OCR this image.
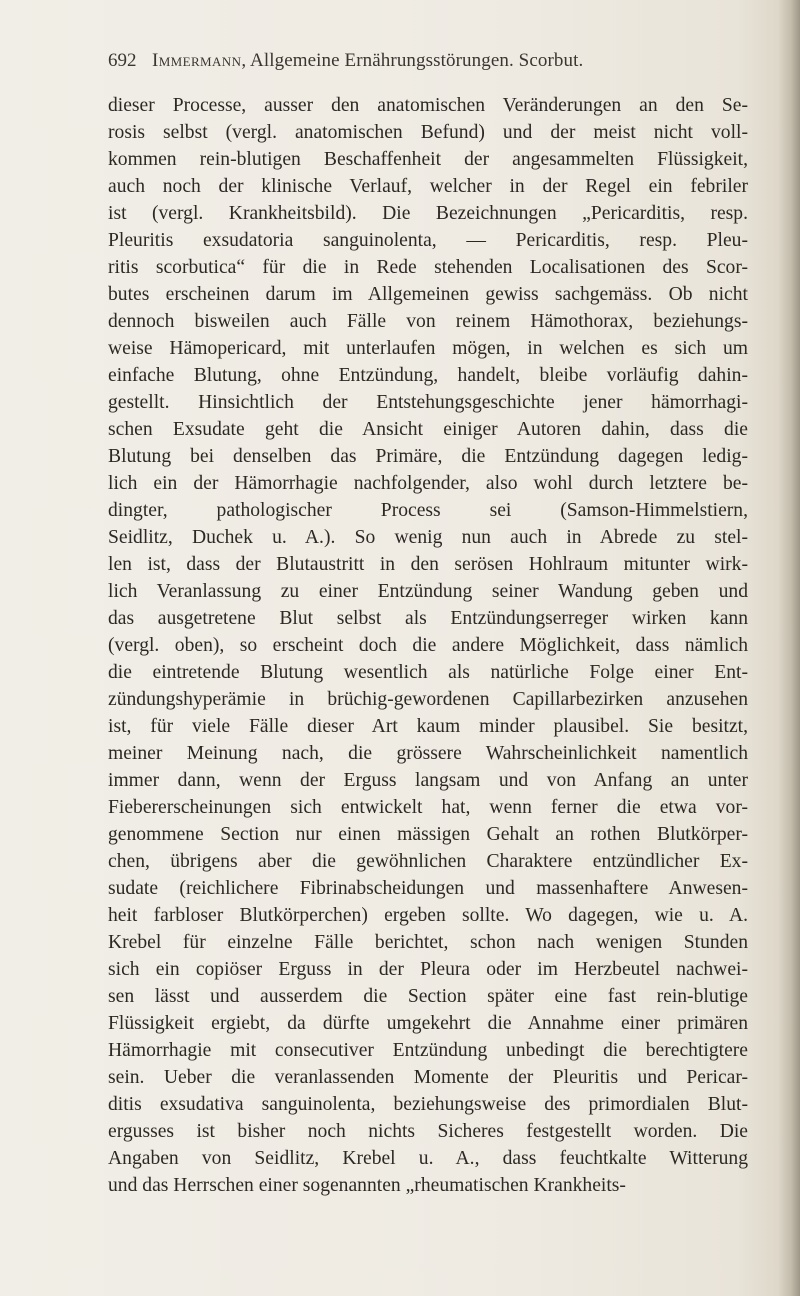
692 Immermann, Allgemeine Ernährungsstörungen. Scorbut.
dieser Processe, ausser den anatomischen Veränderungen an den Se-
rosis selbst (vergl. anatomischen Befund) und der meist nicht voll-
kommen rein-blutigen Beschaffenheit der angesammelten Flüssigkeit,
auch noch der klinische Verlauf, welcher in der Regel ein febriler
ist (vergl. Krankheitsbild). Die Bezeichnungen „Pericarditis, resp.
Pleuritis exsudatoria sanguinolenta, — Pericarditis, resp. Pleu-
ritis scorbutica“ für die in Rede stehenden Localisationen des Scor-
butes erscheinen darum im Allgemeinen gewiss sachgemäss. Ob nicht
dennoch bisweilen auch Fälle von reinem Hämothorax, beziehungs-
weise Hämopericard, mit unterlaufen mögen, in welchen es sich um
einfache Blutung, ohne Entzündung, handelt, bleibe vorläufig dahin-
gestellt. Hinsichtlich der Entstehungsgeschichte jener hämorrhagi-
schen Exsudate geht die Ansicht einiger Autoren dahin, dass die
Blutung bei denselben das Primäre, die Entzündung dagegen ledig-
lich ein der Hämorrhagie nachfolgender, also wohl durch letztere be-
dingter, pathologischer Process sei (Samson-Himmelstiern,
Seidlitz, Duchek u. A.). So wenig nun auch in Abrede zu stel-
len ist, dass der Blutaustritt in den serösen Hohlraum mitunter wirk-
lich Veranlassung zu einer Entzündung seiner Wandung geben und
das ausgetretene Blut selbst als Entzündungserreger wirken kann
(vergl. oben), so erscheint doch die andere Möglichkeit, dass nämlich
die eintretende Blutung wesentlich als natürliche Folge einer Ent-
zündungshyperämie in brüchig-gewordenen Capillarbezirken anzusehen
ist, für viele Fälle dieser Art kaum minder plausibel. Sie besitzt,
meiner Meinung nach, die grössere Wahrscheinlichkeit namentlich
immer dann, wenn der Erguss langsam und von Anfang an unter
Fiebererscheinungen sich entwickelt hat, wenn ferner die etwa vor-
genommene Section nur einen mässigen Gehalt an rothen Blutkörper-
chen, übrigens aber die gewöhnlichen Charaktere entzündlicher Ex-
sudate (reichlichere Fibrinabscheidungen und massenhaftere Anwesen-
heit farbloser Blutkörperchen) ergeben sollte. Wo dagegen, wie u. A.
Krebel für einzelne Fälle berichtet, schon nach wenigen Stunden
sich ein copiöser Erguss in der Pleura oder im Herzbeutel nachwei-
sen lässt und ausserdem die Section später eine fast rein-blutige
Flüssigkeit ergiebt, da dürfte umgekehrt die Annahme einer primären
Hämorrhagie mit consecutiver Entzündung unbedingt die berechtigtere
sein. Ueber die veranlassenden Momente der Pleuritis und Pericar-
ditis exsudativa sanguinolenta, beziehungsweise des primordialen Blut-
ergusses ist bisher noch nichts Sicheres festgestellt worden. Die
Angaben von Seidlitz, Krebel u. A., dass feuchtkalte Witterung
und das Herrschen einer sogenannten „rheumatischen Krankheits-
